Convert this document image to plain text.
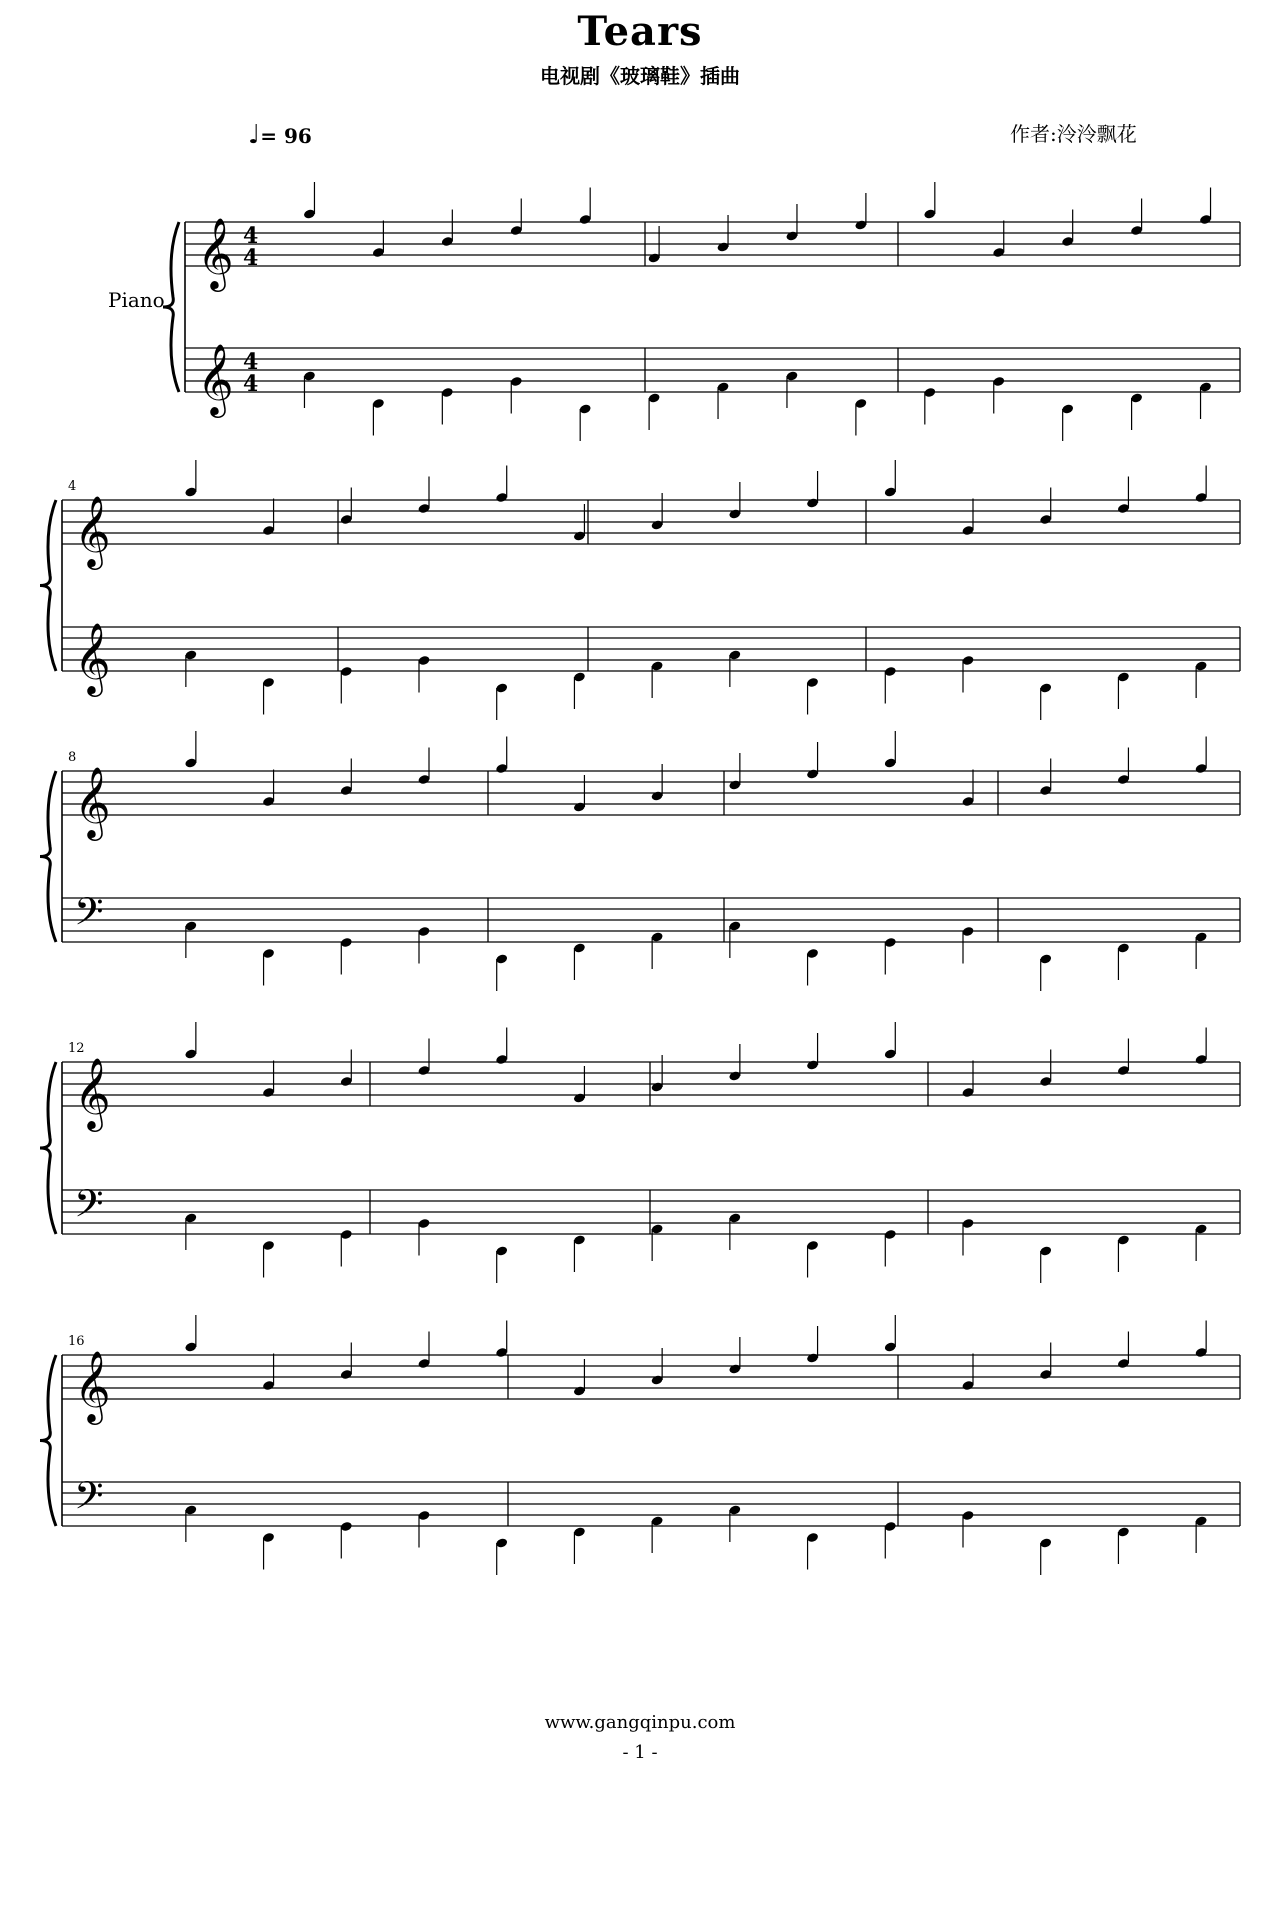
Tears
电视剧《玻璃鞋》插曲
♩= 96	作者:泠泠飘花
𝄞 4
4
𝄞 4
4
𝄞
𝄞
4
𝄞
𝄢
8
𝄞
𝄢
12
𝄞
𝄢
16
Piano
www.gangqinpu.com
- 1 -
